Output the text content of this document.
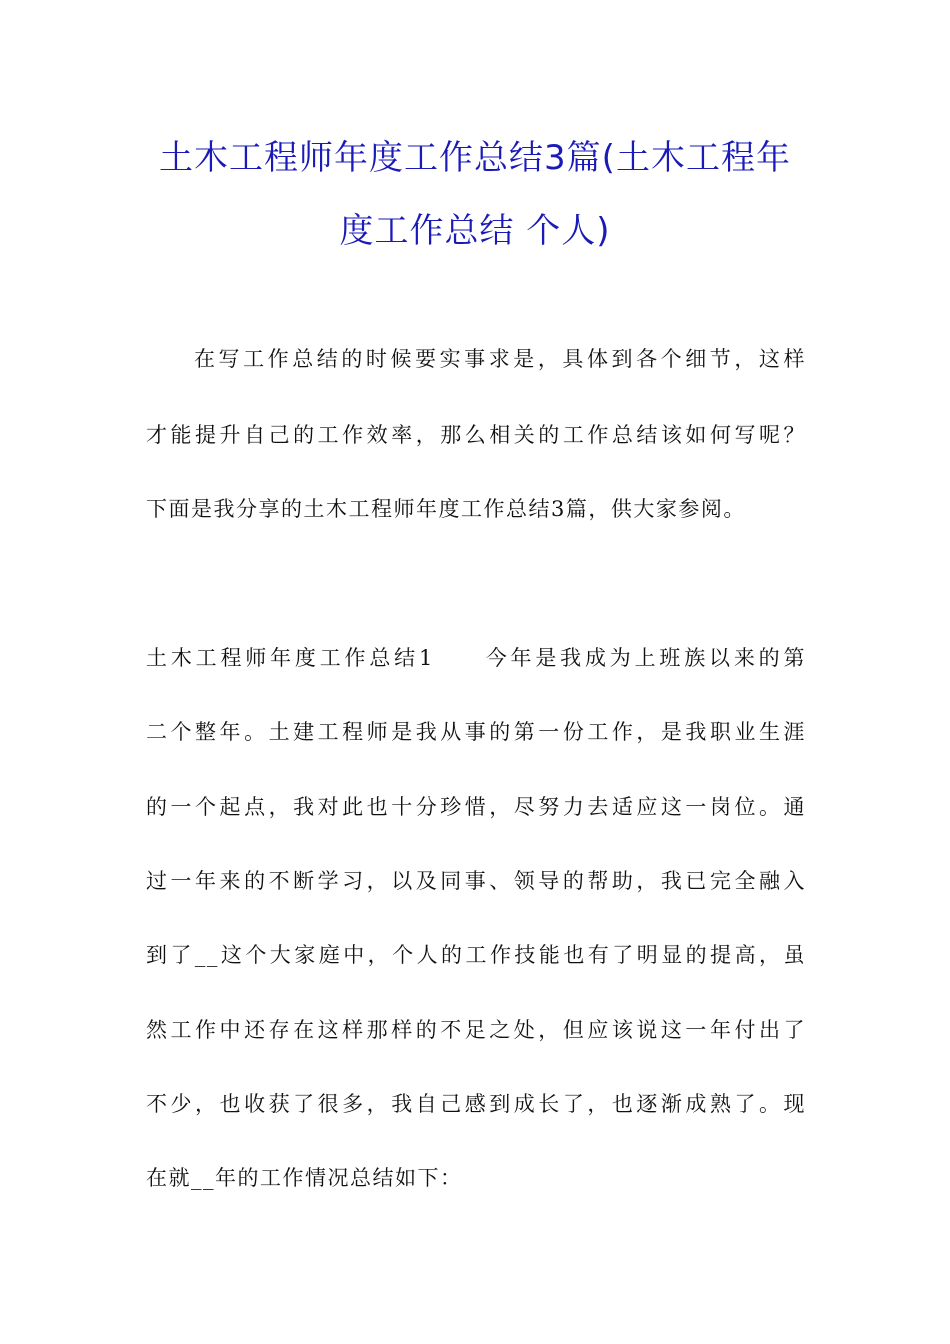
土木工程师年度工作总结3篇(土木工程年
度工作总结 个人)
在写工作总结的时候要实事求是，具体到各个细节，这样
才能提升自己的工作效率，那么相关的工作总结该如何写呢？
下面是我分享的土木工程师年度工作总结3篇，供大家参阅。
土木工程师年度工作总结1　　今年是我成为上班族以来的第
二个整年。土建工程师是我从事的第一份工作，是我职业生涯
的一个起点，我对此也十分珍惜，尽努力去适应这一岗位。通
过一年来的不断学习，以及同事、领导的帮助，我已完全融入
到了__这个大家庭中，个人的工作技能也有了明显的提高，虽
然工作中还存在这样那样的不足之处，但应该说这一年付出了
不少，也收获了很多，我自己感到成长了，也逐渐成熟了。现
在就__年的工作情况总结如下：
